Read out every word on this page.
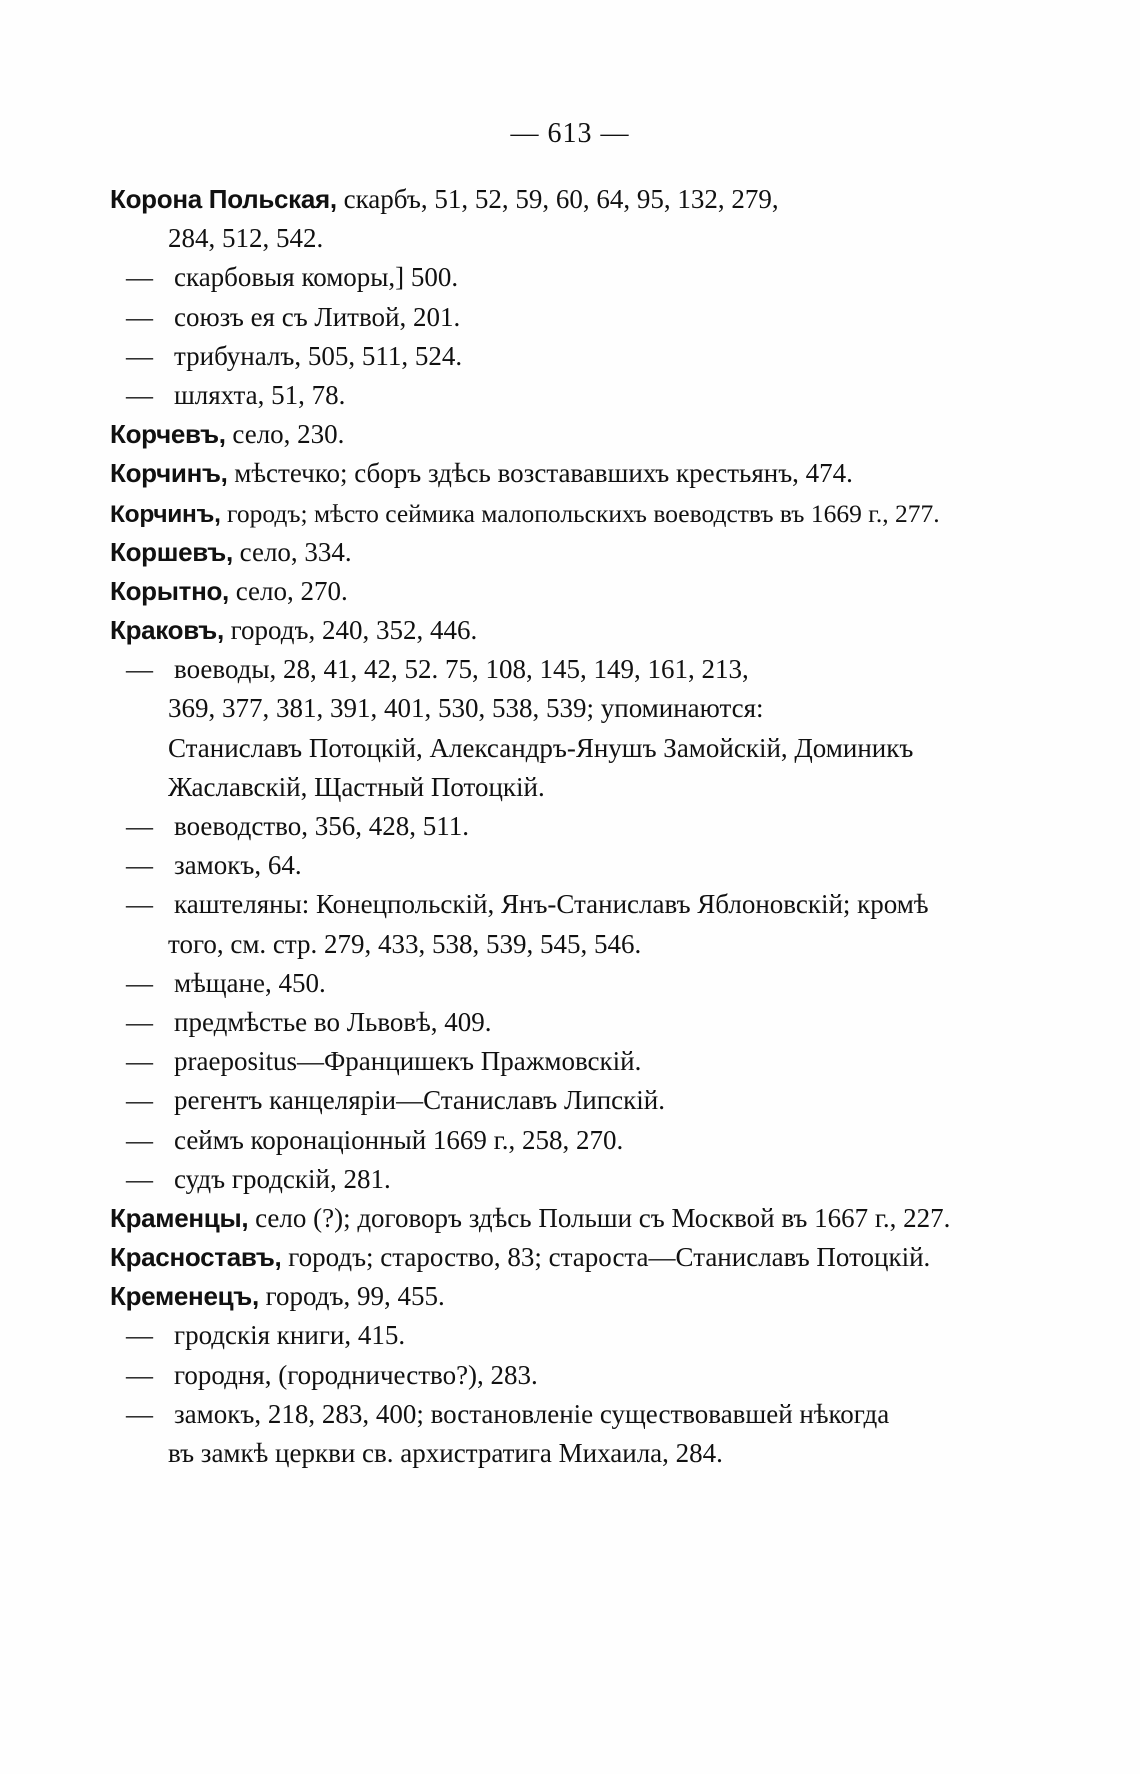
— 613 —
Корона Польская, скарбъ, 51, 52, 59, 60, 64, 95, 132, 279,
284, 512, 542.
— скарбовыя коморы,] 500.
— союзъ ея съ Литвой, 201.
— трибуналъ, 505, 511, 524.
— шляхта, 51, 78.
Корчевъ, село, 230.
Корчинъ, мѣстечко; сборъ здѣсь возстававшихъ крестьянъ, 474.
Корчинъ, городъ; мѣсто сеймика малопольскихъ воеводствъ въ 1669 г., 277.
Коршевъ, село, 334.
Корытно, село, 270.
Краковъ, городъ, 240, 352, 446.
— воеводы, 28, 41, 42, 52. 75, 108, 145, 149, 161, 213,
369, 377, 381, 391, 401, 530, 538, 539; упоминаются:
Станиславъ Потоцкій, Александръ-Янушъ Замойскій, Доминикъ
Жаславскій, Щастный Потоцкій.
— воеводство, 356, 428, 511.
— замокъ, 64.
— каштеляны: Конецпольскій, Янъ-Станиславъ Яблоновскій; кромѣ
того, см. стр. 279, 433, 538, 539, 545, 546.
— мѣщане, 450.
— предмѣстье во Львовѣ, 409.
— praepositus—Францишекъ Пражмовскій.
— регентъ канцеляріи—Станиславъ Липскій.
— сеймъ коронаціонный 1669 г., 258, 270.
— судъ гродскій, 281.
Краменцы, село (?); договоръ здѣсь Польши съ Москвой въ 1667 г., 227.
Красноставъ, городъ; староство, 83; староста—Станиславъ Потоцкій.
Кременецъ, городъ, 99, 455.
— гродскія книги, 415.
— городня, (городничество?), 283.
— замокъ, 218, 283, 400; востановленіе существовавшей нѣкогда
въ замкѣ церкви св. архистратига Михаила, 284.
